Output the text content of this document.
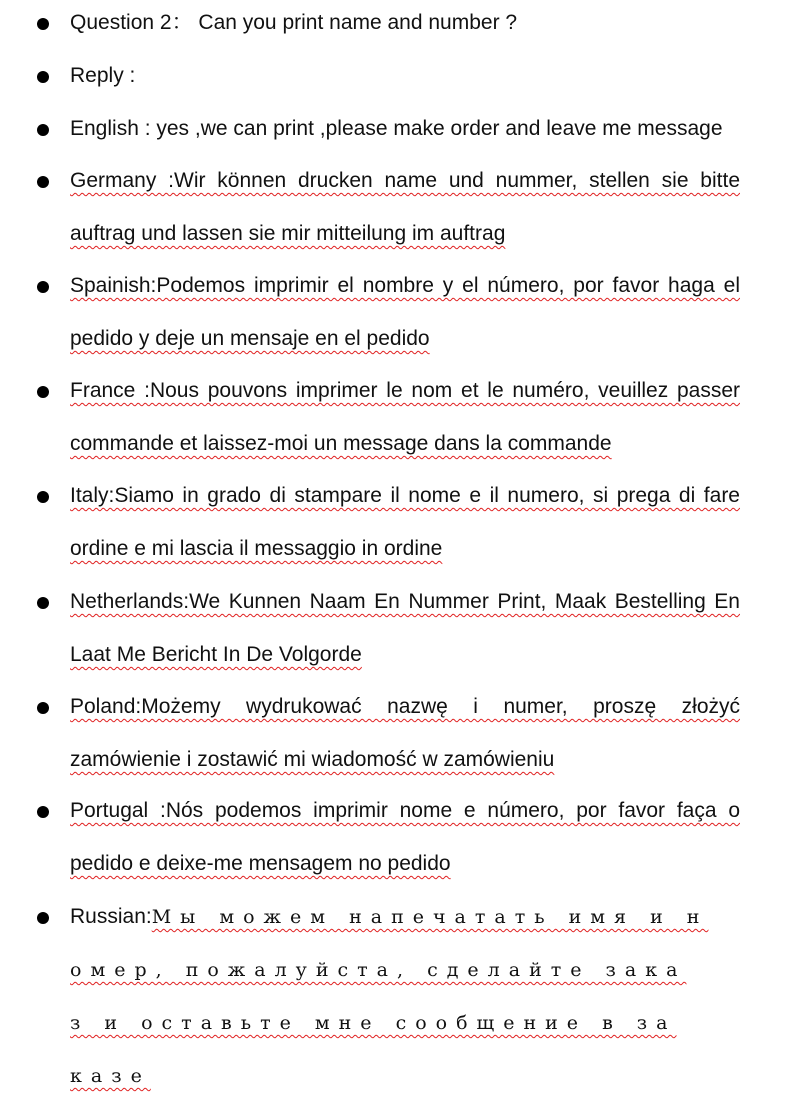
Question 2： Can you print name and number ?
Reply :
English : yes ,we can print ,please make order and leave me message
Germany :Wir können drucken name und nummer, stellen sie bitte
auftrag und lassen sie mir mitteilung im auftrag
Spainish:Podemos imprimir el nombre y el número, por favor haga el
pedido y deje un mensaje en el pedido
France :Nous pouvons imprimer le nom et le numéro, veuillez passer
commande et laissez-moi un message dans la commande
Italy:Siamo in grado di stampare il nome e il numero, si prega di fare
ordine e mi lascia il messaggio in ordine
Netherlands:We Kunnen Naam En Nummer Print, Maak Bestelling En
Laat Me Bericht In De Volgorde
Poland:Możemy wydrukować nazwę i numer, proszę złożyć
zamówienie i zostawić mi wiadomość w zamówieniu
Portugal :Nós podemos imprimir nome e número, por favor faça o
pedido e deixe-me mensagem no pedido
Russian:Мы можем напечатать имя и н
омер, пожалуйста, сделайте зака
з и оставьте мне сообщение в за
казе
